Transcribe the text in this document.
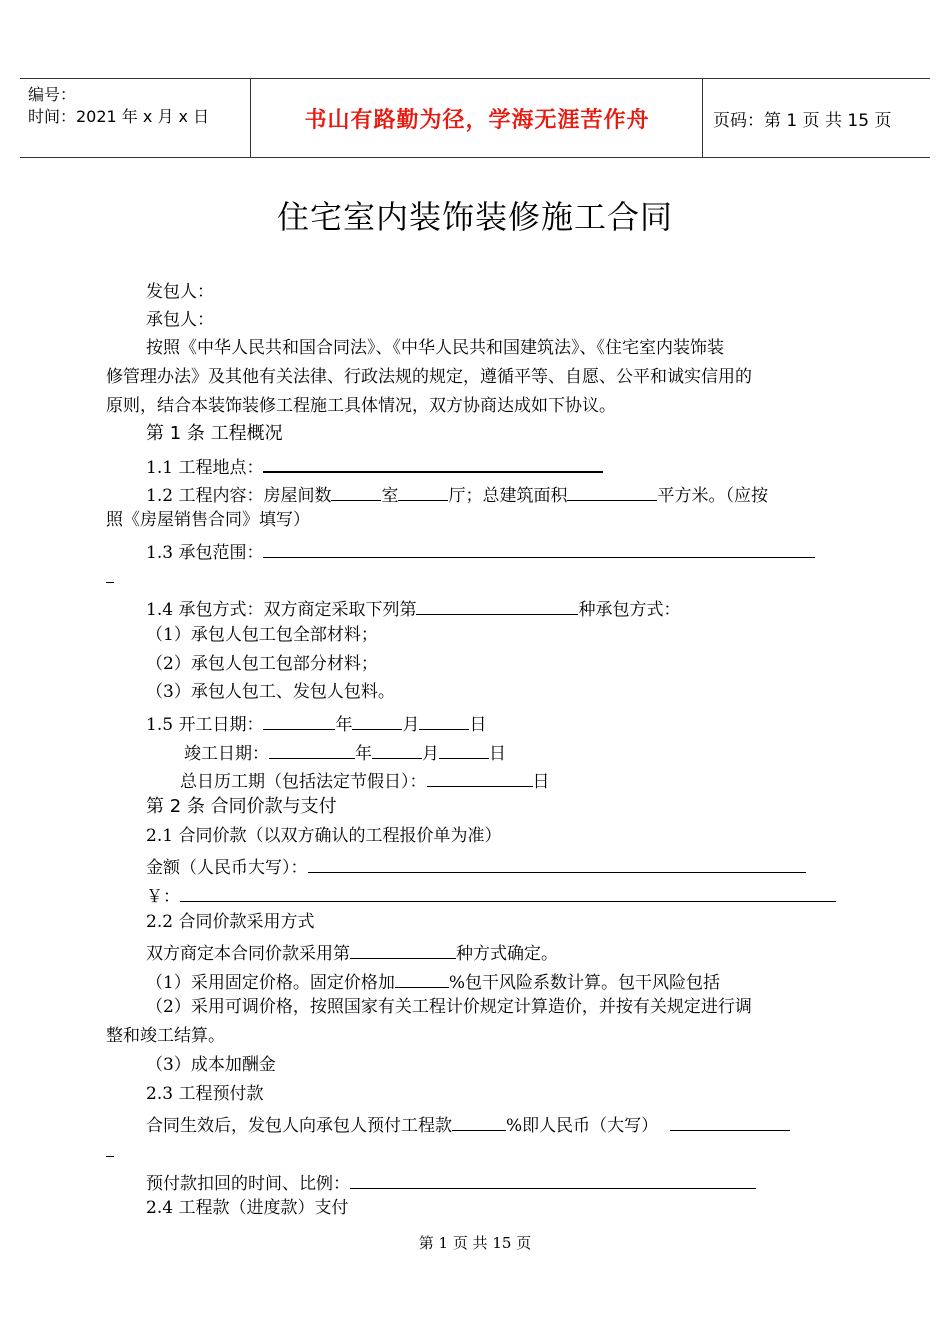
编号：
时间：2021 年 x 月 x 日	书山有路勤为径，学海无涯苦作舟	页码：第 1 页 共 15 页
住宅室内装饰装修施工合同
发包人：
承包人：
按照《中华人民共和国合同法》、《中华人民共和国建筑法》、《住宅室内装饰装
修管理办法》及其他有关法律、行政法规的规定，遵循平等、自愿、公平和诚实信用的
原则，结合本装饰装修工程施工具体情况，双方协商达成如下协议。
第 1 条 工程概况
1.1 工程地点：
1.2 工程内容：房屋间数	室	厅；总建筑面积	平方米。（应按
照《房屋销售合同》填写）
1.3 承包范围：
1.4 承包方式：双方商定采取下列第	种承包方式：
（1）承包人包工包全部材料；
（2）承包人包工包部分材料；
（3）承包人包工、发包人包料。
1.5 开工日期：	年	月	日
竣工日期：	年	月	日
总日历工期（包括法定节假日）：	日
第 2 条 合同价款与支付
2.1 合同价款（以双方确认的工程报价单为准）
金额（人民币大写）：
￥：
2.2 合同价款采用方式
双方商定本合同价款采用第	种方式确定。
（1）采用固定价格。固定价格加	%包干风险系数计算。包干风险包括
（2）采用可调价格，按照国家有关工程计价规定计算造价，并按有关规定进行调
整和竣工结算。
（3）成本加酬金
2.3 工程预付款
合同生效后，发包人向承包人预付工程款	%即人民币（大写）
预付款扣回的时间、比例：
2.4 工程款（进度款）支付
第 1 页 共 15 页
